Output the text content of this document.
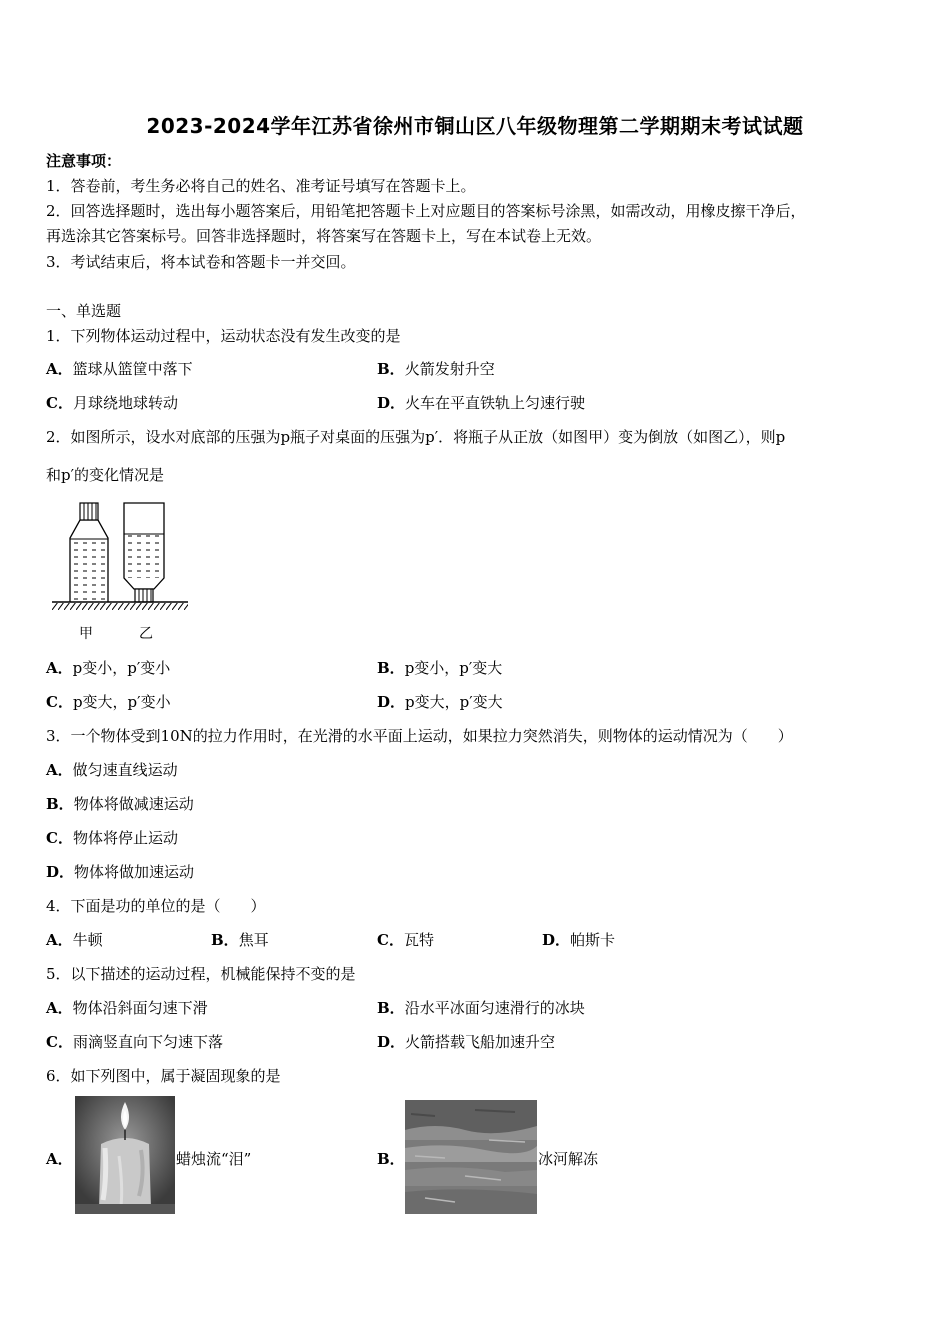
2023-2024学年江苏省徐州市铜山区八年级物理第二学期期末考试试题
注意事项：
1．答卷前，考生务必将自己的姓名、准考证号填写在答题卡上。
2．回答选择题时，选出每小题答案后，用铅笔把答题卡上对应题目的答案标号涂黑，如需改动，用橡皮擦干净后，
再选涂其它答案标号。回答非选择题时，将答案写在答题卡上，写在本试卷上无效。
3．考试结束后，将本试卷和答题卡一并交回。
一、单选题
1．下列物体运动过程中，运动状态没有发生改变的是
A．篮球从篮筐中落下	B．火箭发射升空
C．月球绕地球转动	D．火车在平直铁轨上匀速行驶
2．如图所示，设水对底部的压强为p瓶子对桌面的压强为p′．将瓶子从正放（如图甲）变为倒放（如图乙），则p
和p′的变化情况是
甲	乙
A．p变小，p′变小	B．p变小，p′变大
C．p变大，p′变小	D．p变大，p′变大
3．一个物体受到10N的拉力作用时，在光滑的水平面上运动，如果拉力突然消失，则物体的运动情况为（　　）
A．做匀速直线运动
B．物体将做减速运动
C．物体将停止运动
D．物体将做加速运动
4．下面是功的单位的是（　　）
A．牛顿	B．焦耳	C．瓦特	D．帕斯卡
5．以下描述的运动过程，机械能保持不变的是
A．物体沿斜面匀速下滑	B．沿水平冰面匀速滑行的冰块
C．雨滴竖直向下匀速下落	D．火箭搭载飞船加速升空
6．如下列图中，属于凝固现象的是
A．	蜡烛流“泪”	B．	冰河解冻
